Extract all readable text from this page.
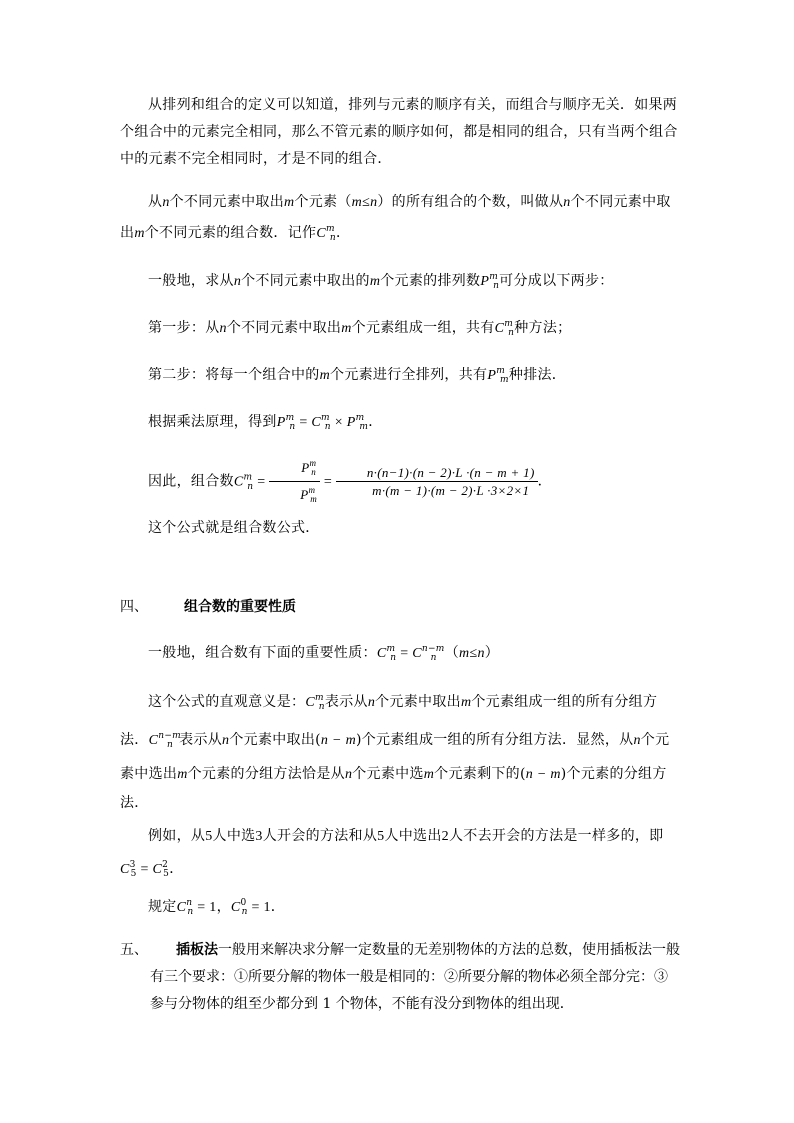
从排列和组合的定义可以知道，排列与元素的顺序有关，而组合与顺序无关．如果两个组合中的元素完全相同，那么不管元素的顺序如何，都是相同的组合，只有当两个组合中的元素不完全相同时，才是不同的组合．
从n个不同元素中取出m个元素（m≤n）的所有组合的个数，叫做从n个不同元素中取出m个不同元素的组合数．记作$C^m_n$．
一般地，求从n个不同元素中取出的m个元素的排列数$P^m_n$可分成以下两步：
第一步：从n个不同元素中取出m个元素组成一组，共有$C^m_n$种方法；
第二步：将每一个组合中的m个元素进行全排列，共有$P^m_m$种排法．
根据乘法原理，得到$P^m_n = C^m_n \times P^m_m$．
因此，组合数$C^m_n = \frac{P^m_n}{P^m_m} = \frac{n\cdot(n-1)\cdot(n - 2)\cdot L \cdot(n - m + 1)}{m\cdot(m - 1)\cdot(m - 2)\cdot L \cdot 3\times 2\times 1}$ ．
这个公式就是组合数公式．
四、	组合数的重要性质
一般地，组合数有下面的重要性质：$C^m_n = C^{n-m}_n$ （m≤n）
这个公式的直观意义是：$C^m_n$表示从n个元素中取出m个元素组成一组的所有分组方法．$C^{n-m}_n$ 表示从n个元素中取出(n − m)个元素组成一组的所有分组方法．显然，从n个元素中选出m个元素的分组方法恰是从n个元素中选m个元素剩下的(n − m)个元素的分组方法．
例如，从5人中选3人开会的方法和从5人中选出2人不去开会的方法是一样多的，即$C^3_5 = C^2_5$．
规定$C^n_n = 1$，$C^0_n = 1$．
五、 插板法一般用来解决求分解一定数量的无差别物体的方法的总数，使用插板法一般有三个要求：①所要分解的物体一般是相同的：②所要分解的物体必须全部分完：③参与分物体的组至少都分到 1 个物体，不能有没分到物体的组出现．
